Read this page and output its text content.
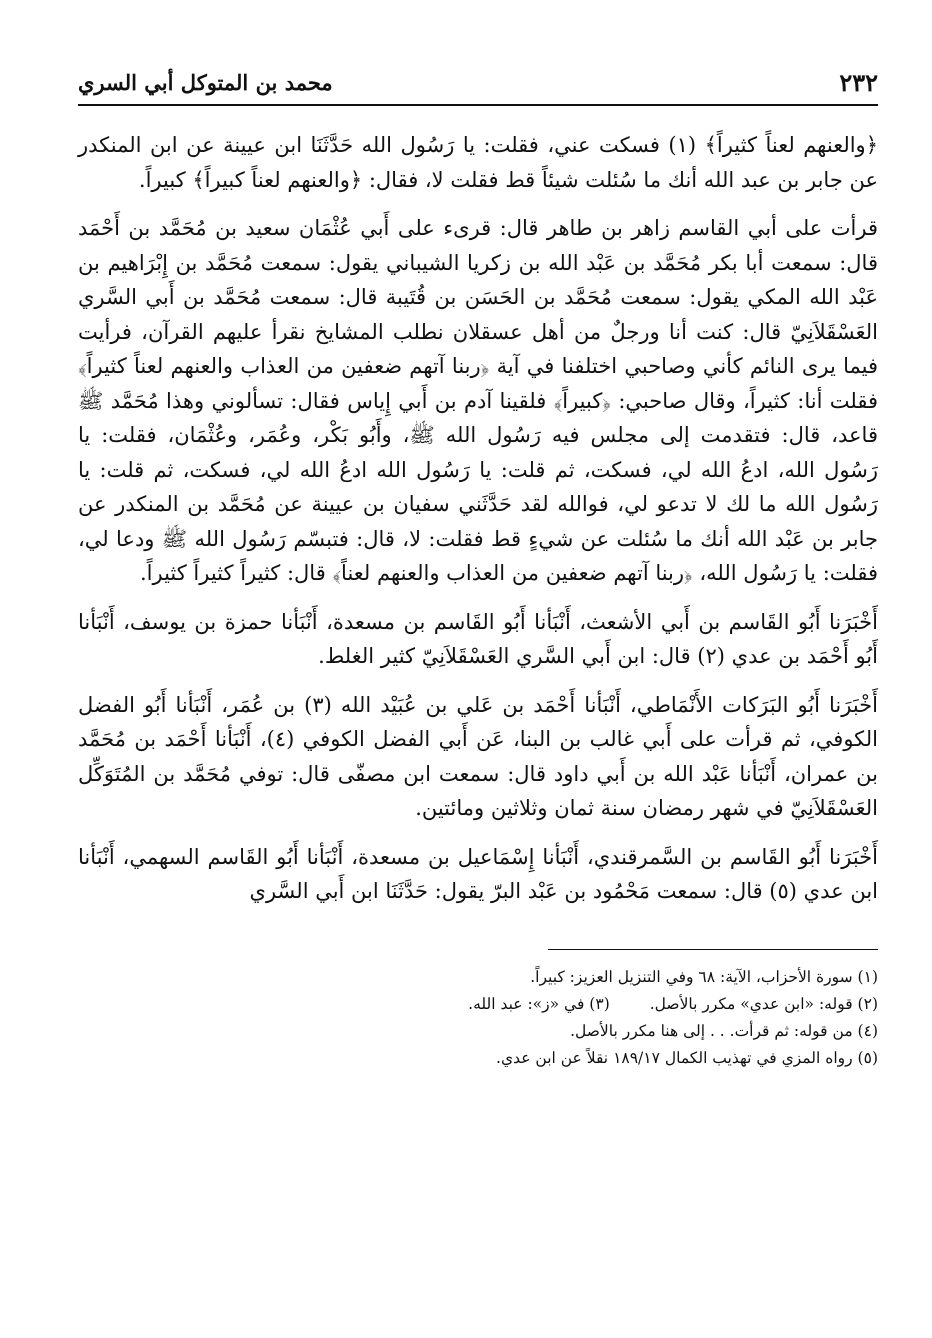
٢٣٢
محمد بن المتوكل أبي السري

﴿والعنهم لعناً كثيراً﴾ (١) فسكت عني، فقلت: يا رَسُول الله حَدَّثَنَا ابن عيينة عن ابن المنكدر عن جابر بن عبد الله أنك ما سُئلت شيئاً قط فقلت لا، فقال: ﴿والعنهم لعناً كبيراً﴾ كبيراً.

قرأت على أبي القاسم زاهر بن طاهر قال: قرىء على أَبي عُثْمَان سعيد بن مُحَمَّد بن أَحْمَد قال: سمعت أبا بكر مُحَمَّد بن عَبْد الله بن زكريا الشيباني يقول: سمعت مُحَمَّد بن إِبْرَاهيم بن عَبْد الله المكي يقول: سمعت مُحَمَّد بن الحَسَن بن قُتَيبة قال: سمعت مُحَمَّد بن أَبي السَّري العَسْقَلاَنِيّ قال: كنت أنا ورجلٌ من أهل عسقلان نطلب المشايخ نقرأ عليهم القرآن، فرأيت فيما يرى النائم كأني وصاحبي اختلفنا في آية ﴿ربنا آتهم ضعفين من العذاب والعنهم لعناً كثيراً﴾ فقلت أنا: كثيراً، وقال صاحبي: ﴿كبيراً﴾ فلقينا آدم بن أَبي إِياس فقال: تسألوني وهذا مُحَمَّد ﷺ قاعد، قال: فتقدمت إلى مجلس فيه رَسُول الله ﷺ، وأَبُو بَكْر، وعُمَر، وعُثْمَان، فقلت: يا رَسُول الله، ادعُ الله لي، فسكت، ثم قلت: يا رَسُول الله ادعُ الله لي، فسكت، ثم قلت: يا رَسُول الله ما لك لا تدعو لي، فوالله لقد حَدَّثَني سفيان بن عيينة عن مُحَمَّد بن المنكدر عن جابر بن عَبْد الله أنك ما سُئلت عن شيءٍ قط فقلت: لا، قال: فتبسّم رَسُول الله ﷺ ودعا لي، فقلت: يا رَسُول الله، ﴿ربنا آتهم ضعفين من العذاب والعنهم لعناً﴾ قال: كثيراً كثيراً كثيراً.

أَخْبَرَنا أَبُو القَاسم بن أَبي الأشعث، أَنْبَأنا أَبُو القَاسم بن مسعدة، أَنْبَأنا حمزة بن يوسف، أَنْبَأنا أَبُو أَحْمَد بن عدي (٢) قال: ابن أَبي السَّري العَسْقَلاَنِيّ كثير الغلط.

أَخْبَرَنا أَبُو البَرَكات الأَنْمَاطي، أَنْبَأنا أَحْمَد بن عَلي بن عُبَيْد الله (٣) بن عُمَر، أَنْبَأنا أَبُو الفضل الكوفي، ثم قرأت على أَبي غالب بن البنا، عَن أَبي الفضل الكوفي (٤)، أَنْبَأنا أَحْمَد بن مُحَمَّد بن عمران، أَنْبَأنا عَبْد الله بن أَبي داود قال: سمعت ابن مصفّى قال: توفي مُحَمَّد بن المُتَوَكِّل العَسْقَلاَنِيّ في شهر رمضان سنة ثمان وثلاثين ومائتين.

أَخْبَرَنا أَبُو القَاسم بن السَّمرقندي، أَنْبَأنا إِسْمَاعيل بن مسعدة، أَنْبَأنا أَبُو القَاسم السهمي، أَنْبَأنا ابن عدي (٥) قال: سمعت مَحْمُود بن عَبْد البرّ يقول: حَدَّثَنَا ابن أَبي السَّري

(١) سورة الأحزاب، الآية: ٦٨ وفي التنزيل العزيز: كبيراً.
(٢) قوله: «ابن عدي» مكرر بالأصل.
(٣) في «ز»: عبد الله.
(٤) من قوله: ثم قرأت. . . إلى هنا مكرر بالأصل.
(٥) رواه المزي في تهذيب الكمال ١٨٩/١٧ نقلاً عن ابن عدي.
